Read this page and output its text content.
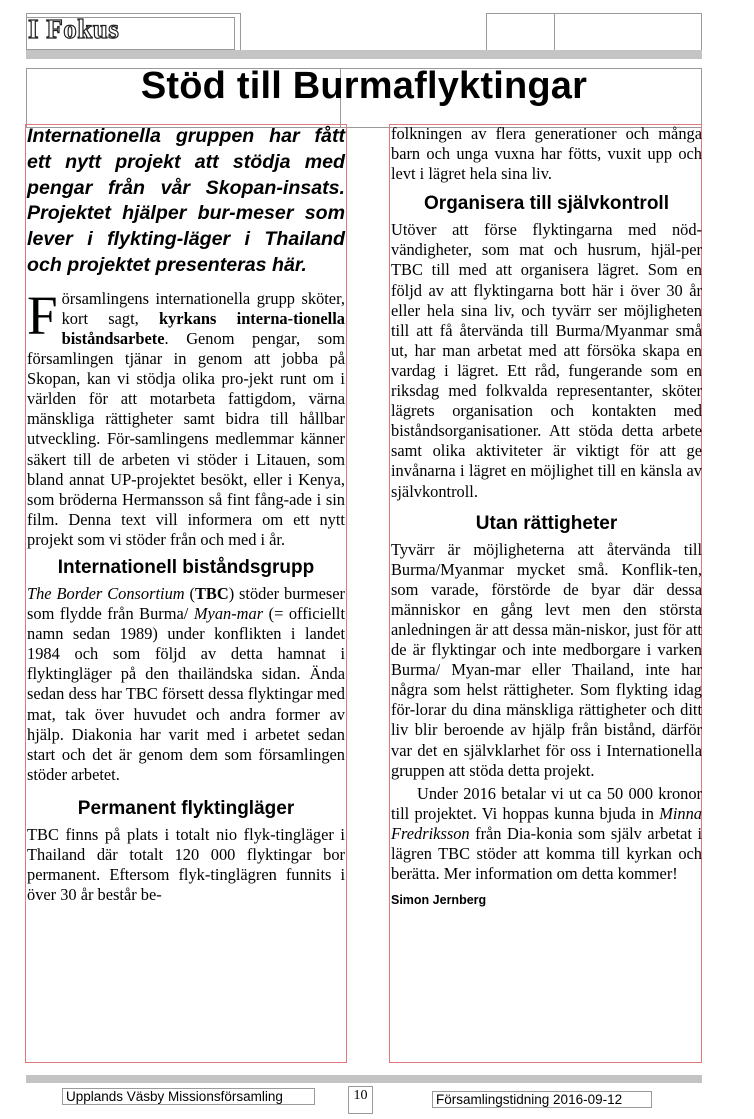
I Fokus
Stöd till Burmaflyktingar

Internationella gruppen har fått ett nytt projekt att stödja med pengar från vår Skopan-insats. Projektet hjälper bur-meser som lever i flykting-läger i Thailand och projektet presenteras här.

Församlingens internationella grupp sköter, kort sagt, kyrkans interna-tionella biståndsarbete. Genom pengar, som församlingen tjänar in genom att jobba på Skopan, kan vi stödja olika pro-jekt runt om i världen för att motarbeta fattigdom, värna mänskliga rättigheter samt bidra till hållbar utveckling. För-samlingens medlemmar känner säkert till de arbeten vi stöder i Litauen, som bland annat UP-projektet besökt, eller i Kenya, som bröderna Hermansson så fint fång-ade i sin film. Denna text vill informera om ett nytt projekt som vi stöder från och med i år.

Internationell biståndsgrupp

The Border Consortium (TBC) stöder burmeser som flydde från Burma/ Myan-mar (= officiellt namn sedan 1989) under konflikten i landet 1984 och som följd av detta hamnat i flyktingläger på den thailändska sidan. Ända sedan dess har TBC försett dessa flyktingar med mat, tak över huvudet och andra former av hjälp. Diakonia har varit med i arbetet sedan start och det är genom dem som församlingen stöder arbetet.

Permanent flyktingläger

TBC finns på plats i totalt nio flyk-tingläger i Thailand där totalt 120 000 flyktingar bor permanent. Eftersom flyk-tinglägren funnits i över 30 år består be-

folkningen av flera generationer och många barn och unga vuxna har fötts, vuxit upp och levt i lägret hela sina liv.

Organisera till självkontroll

Utöver att förse flyktingarna med nöd-vändigheter, som mat och husrum, hjäl-per TBC till med att organisera lägret. Som en följd av att flyktingarna bott här i över 30 år eller hela sina liv, och tyvärr ser möjligheten till att få återvända till Burma/Myanmar små ut, har man arbetat med att försöka skapa en vardag i lägret. Ett råd, fungerande som en riksdag med folkvalda representanter, sköter lägrets organisation och kontakten med biståndsorganisationer. Att stöda detta arbete samt olika aktiviteter är viktigt för att ge invånarna i lägret en möjlighet till en känsla av självkontroll.

Utan rättigheter

Tyvärr är möjligheterna att återvända till Burma/Myanmar mycket små. Konflik-ten, som varade, förstörde de byar där dessa människor en gång levt men den största anledningen är att dessa män-niskor, just för att de är flyktingar och inte medborgare i varken Burma/ Myan-mar eller Thailand, inte har några som helst rättigheter. Som flykting idag för-lorar du dina mänskliga rättigheter och ditt liv blir beroende av hjälp från bistånd, därför var det en självklarhet för oss i Internationella gruppen att stöda detta projekt.

Under 2016 betalar vi ut ca 50 000 kronor till projektet. Vi hoppas kunna bjuda in Minna Fredriksson från Dia-konia som själv arbetat i lägren TBC stöder att komma till kyrkan och berätta. Mer information om detta kommer!

Simon Jernberg
Upplands Väsby Missionsförsamling	10	Församlingstidning 2016-09-12
